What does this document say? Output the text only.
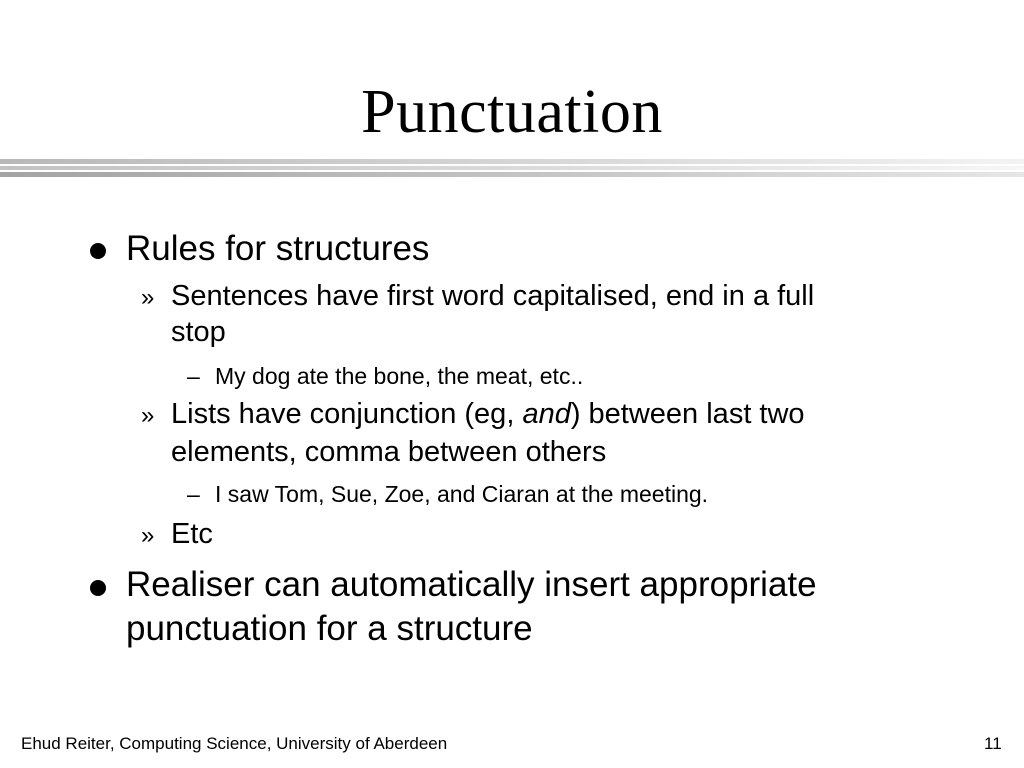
Punctuation
Rules for structures
» Sentences have first word capitalised, end in a full
stop
– My dog ate the bone, the meat, etc..
» Lists have conjunction (eg, and) between last two
elements, comma between others
– I saw Tom, Sue, Zoe, and Ciaran at the meeting.
» Etc
Realiser can automatically insert appropriate
punctuation for a structure
Ehud Reiter, Computing Science, University of Aberdeen	11
